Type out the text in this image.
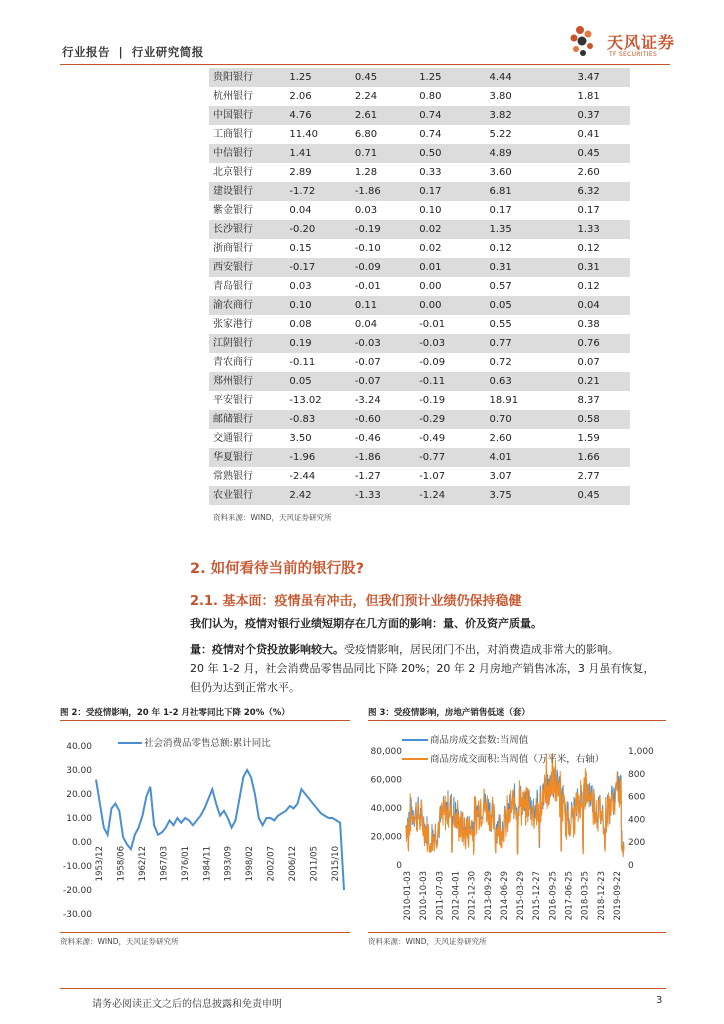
行业报告 | 行业研究简报	天风证券
TF SECURITIES
贵阳银行	1.25	0.45	1.25	4.44	3.47
杭州银行	2.06	2.24	0.80	3.80	1.81
中国银行	4.76	2.61	0.74	3.82	0.37
工商银行	11.40	6.80	0.74	5.22	0.41
中信银行	1.41	0.71	0.50	4.89	0.45
北京银行	2.89	1.28	0.33	3.60	2.60
建设银行	-1.72	-1.86	0.17	6.81	6.32
紫金银行	0.04	0.03	0.10	0.17	0.17
长沙银行	-0.20	-0.19	0.02	1.35	1.33
浙商银行	0.15	-0.10	0.02	0.12	0.12
西安银行	-0.17	-0.09	0.01	0.31	0.31
青岛银行	0.03	-0.01	0.00	0.57	0.12
渝农商行	0.10	0.11	0.00	0.05	0.04
张家港行	0.08	0.04	-0.01	0.55	0.38
江阴银行	0.19	-0.03	-0.03	0.77	0.76
青农商行	-0.11	-0.07	-0.09	0.72	0.07
郑州银行	0.05	-0.07	-0.11	0.63	0.21
平安银行	-13.02	-3.24	-0.19	18.91	8.37
邮储银行	-0.83	-0.60	-0.29	0.70	0.58
交通银行	3.50	-0.46	-0.49	2.60	1.59
华夏银行	-1.96	-1.86	-0.77	4.01	1.66
常熟银行	-2.44	-1.27	-1.07	3.07	2.77
农业银行	2.42	-1.33	-1.24	3.75	0.45
资料来源：WIND，天风证券研究所
2. 如何看待当前的银行股?
2.1. 基本面：疫情虽有冲击，但我们预计业绩仍保持稳健
我们认为，疫情对银行业绩短期存在几方面的影响：量、价及资产质量。
量：疫情对个贷投放影响较大。受疫情影响，居民闭门不出，对消费造成非常大的影响。
20 年 1-2 月，社会消费品零售品同比下降 20%；20 年 2 月房地产销售冰冻，3 月虽有恢复，
但仍为达到正常水平。
图 2：受疫情影响，20 年 1-2 月社零同比下降 20%（%）
40.00
30.00
20.00
10.00
0.00
-10.00
-20.00
-30.00
1953/12 1958/06 1962/12 1967/03 1976/01 1984/11 1993/09 1998/02 2002/07 2006/12 2011/05 2015/10
社会消费品零售总额:累计同比
资料来源：WIND，天风证券研究所
图 3：受疫情影响，房地产销售低迷（套）
80,000
60,000
40,000
20,000
0
1,000
800
600
400
200
0
2010-01-03 2010-10-03 2011-07-03 2012-04-01 2012-12-30 2013-09-29 2014-06-29 2015-03-29 2015-12-27 2016-09-25 2017-06-25 2018-03-25 2018-12-23 2019-09-22
商品房成交套数:当周值
商品房成交面积:当周值（万平米，右轴）
资料来源：WIND，天风证券研究所
请务必阅读正文之后的信息披露和免责申明	3
